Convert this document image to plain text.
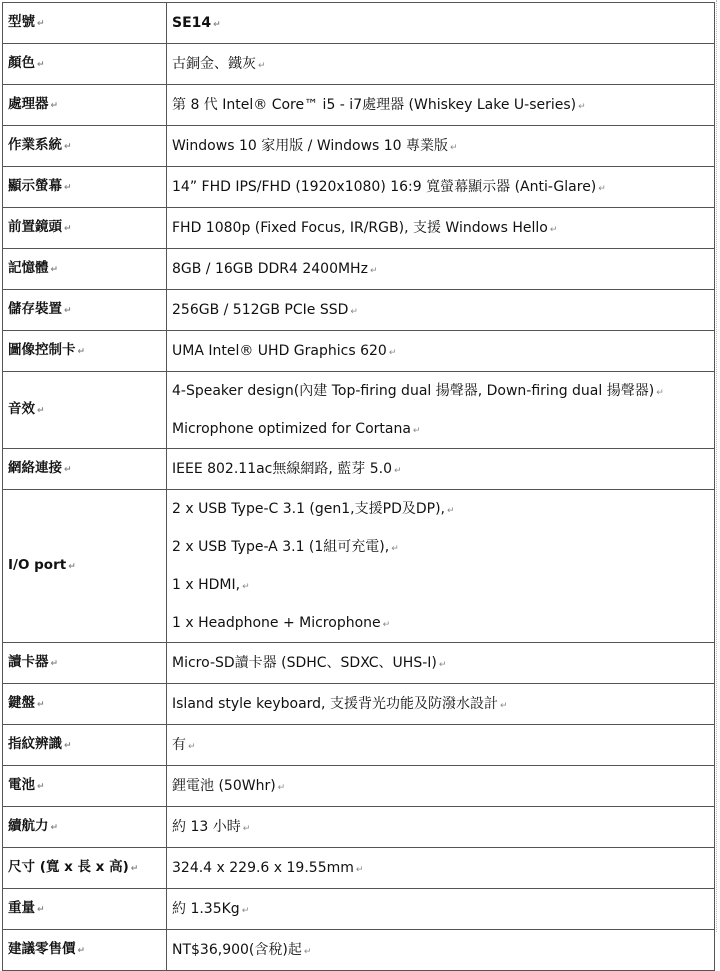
型號 ↵	SE14 ↵

顏色 ↵	古銅金、鐵灰 ↵

處理器 ↵	第 8 代 Intel® Core™ i5 - i7處理器 (Whiskey Lake U-series) ↵

作業系統 ↵	Windows 10 家用版 / Windows 10 專業版 ↵

顯示螢幕 ↵	14” FHD IPS/FHD (1920x1080) 16:9 寬螢幕顯示器 (Anti-Glare) ↵

前置鏡頭 ↵	FHD 1080p (Fixed Focus, IR/RGB), 支援 Windows Hello ↵

記憶體 ↵	8GB / 16GB DDR4 2400MHz ↵

儲存裝置 ↵	256GB / 512GB PCIe SSD ↵

圖像控制卡 ↵	UMA Intel® UHD Graphics 620 ↵

音效 ↵	4-Speaker design(內建 Top-firing dual 揚聲器, Down-firing dual 揚聲器) ↵
Microphone optimized for Cortana ↵

網絡連接 ↵	IEEE 802.11ac無線網路, 藍芽 5.0 ↵

I/O port ↵	2 x USB Type-C 3.1 (gen1,支援PD及DP), ↵
2 x USB Type-A 3.1 (1組可充電), ↵
1 x HDMI, ↵
1 x Headphone + Microphone ↵

讀卡器 ↵	Micro-SD讀卡器 (SDHC、SDXC、UHS-I) ↵

鍵盤 ↵	Island style keyboard, 支援背光功能及防潑水設計 ↵

指紋辨識 ↵	有 ↵

電池 ↵	鋰電池 (50Whr) ↵

續航力 ↵	約 13 小時 ↵

尺寸 (寬 x 長 x 高) ↵	324.4 x 229.6 x 19.55mm ↵

重量 ↵	約 1.35Kg ↵

建議零售價 ↵	NT$36,900(含稅)起 ↵
